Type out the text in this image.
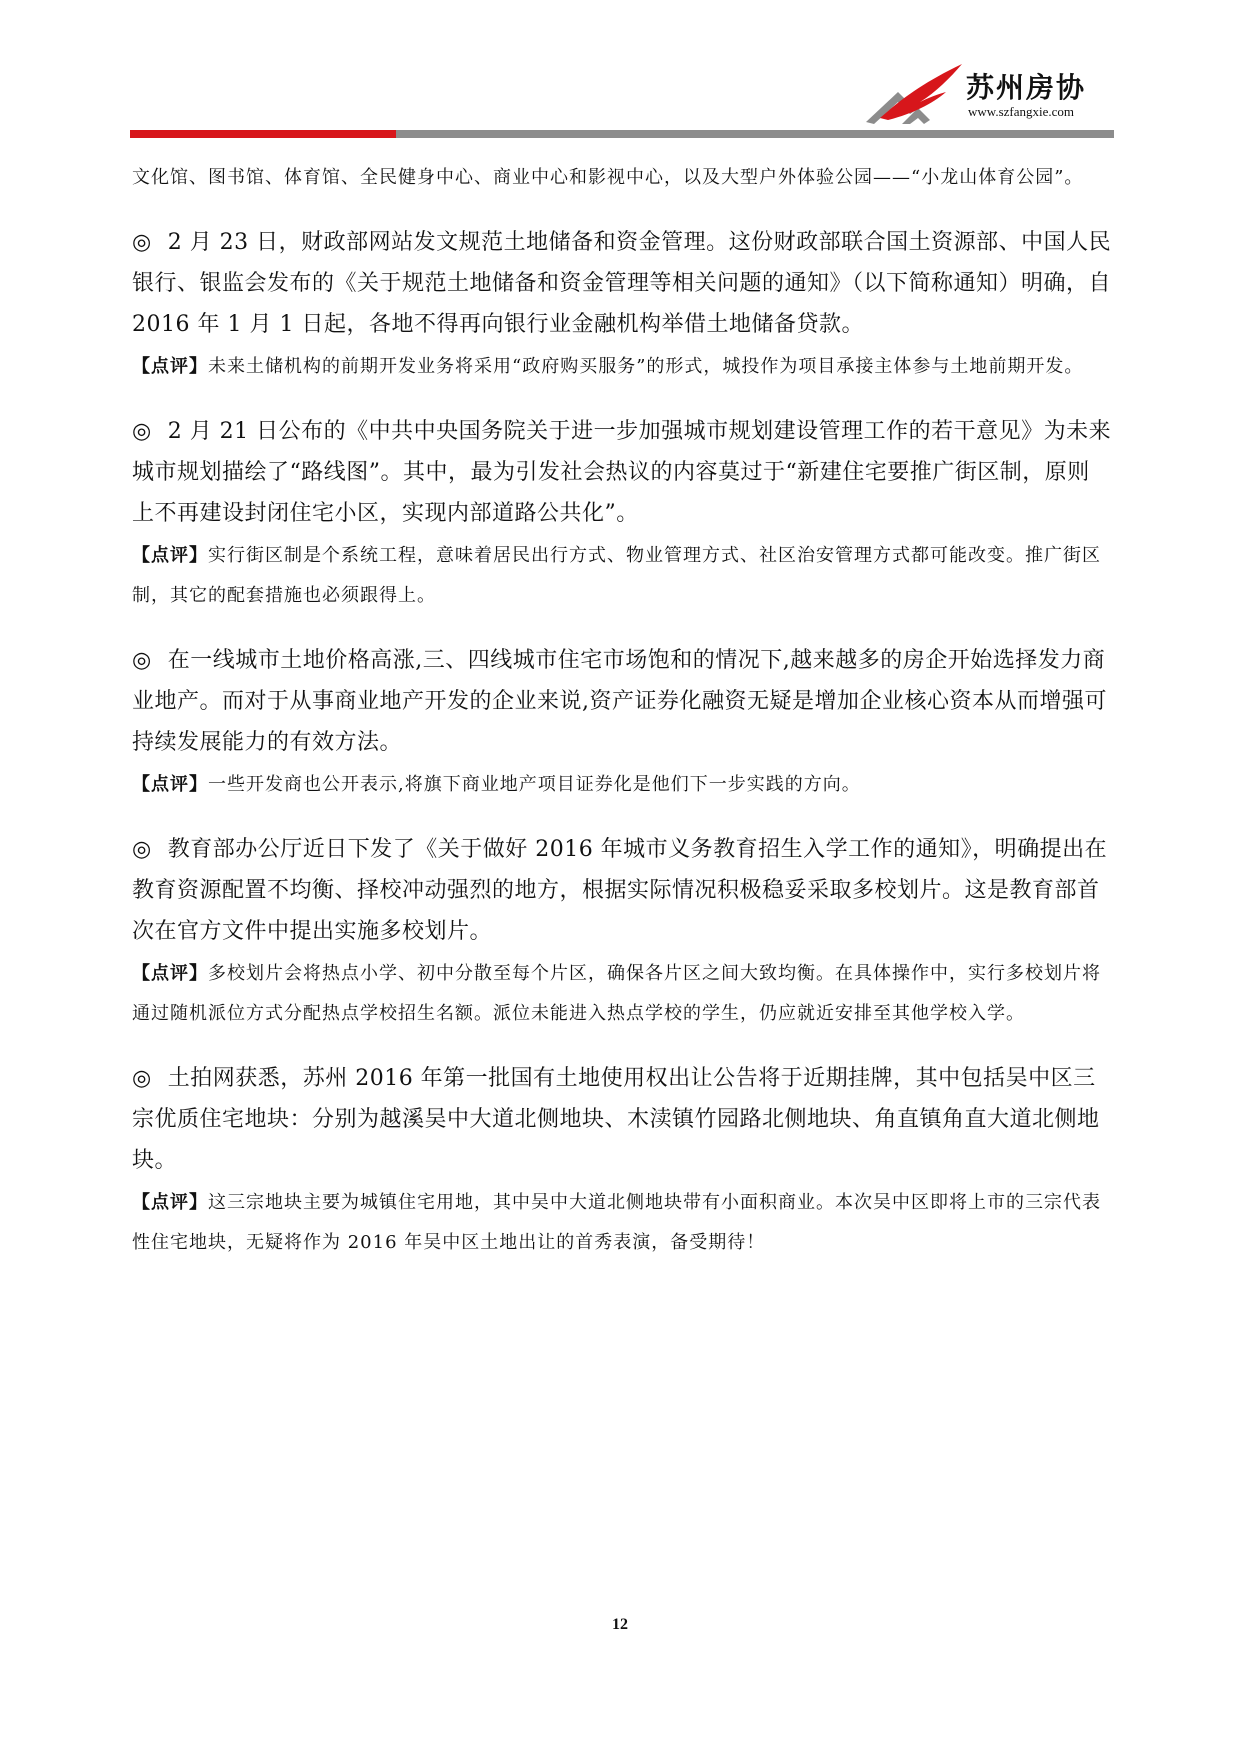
苏州房协
www.szfangxie.com

文化馆、图书馆、体育馆、全民健身中心、商业中心和影视中心，以及大型户外体验公园——“小龙山体育公园”。

◎ 2 月 23 日，财政部网站发文规范土地储备和资金管理。这份财政部联合国土资源部、中国人民银行、银监会发布的《关于规范土地储备和资金管理等相关问题的通知》（以下简称通知）明确，自 2016 年 1 月 1 日起，各地不得再向银行业金融机构举借土地储备贷款。

【点评】未来土储机构的前期开发业务将采用“政府购买服务”的形式，城投作为项目承接主体参与土地前期开发。

◎ 2 月 21 日公布的《中共中央国务院关于进一步加强城市规划建设管理工作的若干意见》为未来城市规划描绘了“路线图”。其中，最为引发社会热议的内容莫过于“新建住宅要推广街区制，原则上不再建设封闭住宅小区，实现内部道路公共化”。

【点评】实行街区制是个系统工程，意味着居民出行方式、物业管理方式、社区治安管理方式都可能改变。推广街区制，其它的配套措施也必须跟得上。

◎ 在一线城市土地价格高涨,三、四线城市住宅市场饱和的情况下,越来越多的房企开始选择发力商业地产。而对于从事商业地产开发的企业来说,资产证券化融资无疑是增加企业核心资本从而增强可持续发展能力的有效方法。

【点评】一些开发商也公开表示,将旗下商业地产项目证券化是他们下一步实践的方向。

◎ 教育部办公厅近日下发了《关于做好 2016 年城市义务教育招生入学工作的通知》，明确提出在教育资源配置不均衡、择校冲动强烈的地方，根据实际情况积极稳妥采取多校划片。这是教育部首次在官方文件中提出实施多校划片。

【点评】多校划片会将热点小学、初中分散至每个片区，确保各片区之间大致均衡。在具体操作中，实行多校划片将通过随机派位方式分配热点学校招生名额。派位未能进入热点学校的学生，仍应就近安排至其他学校入学。

◎ 土拍网获悉，苏州 2016 年第一批国有土地使用权出让公告将于近期挂牌，其中包括吴中区三宗优质住宅地块：分别为越溪吴中大道北侧地块、木渎镇竹园路北侧地块、角直镇角直大道北侧地块。

【点评】这三宗地块主要为城镇住宅用地，其中吴中大道北侧地块带有小面积商业。本次吴中区即将上市的三宗代表性住宅地块，无疑将作为 2016 年吴中区土地出让的首秀表演，备受期待！

12
